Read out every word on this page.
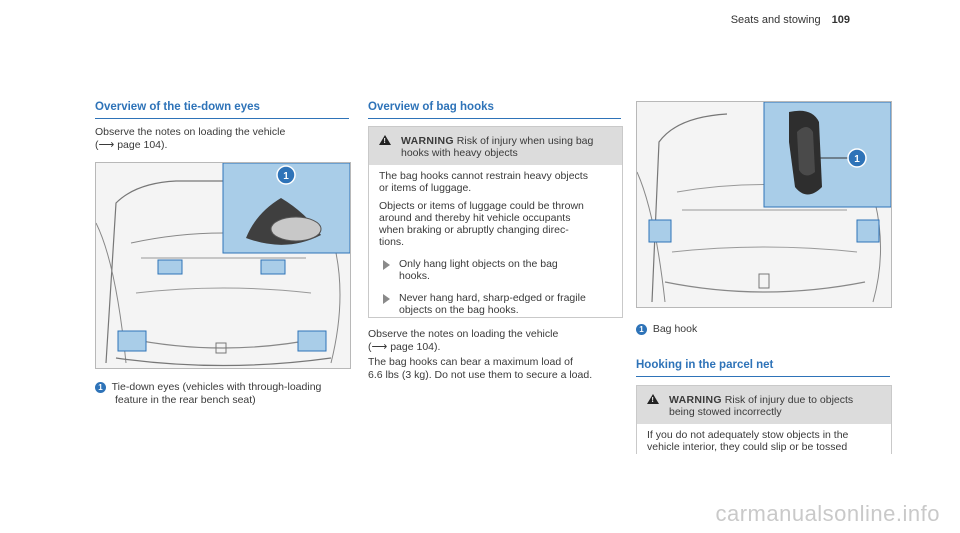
Seats and stowing 109
Overview of the tie-down eyes

Observe the notes on loading the vehicle

(⟶ page 104).

1

1 Tie-down eyes (vehicles with through-loading

feature in the rear bench seat)

Overview of bag hooks
!
WARNING Risk of injury when using bag
hooks with heavy objects
The bag hooks cannot restrain heavy objects
or items of luggage.
Objects or items of luggage could be thrown
around and thereby hit vehicle occupants
when braking or abruptly changing direc-
tions.
Only hang light objects on the bag
hooks.
Never hang hard, sharp-edged or fragile
objects on the bag hooks.

Observe the notes on loading the vehicle

(⟶ page 104).

The bag hooks can bear a maximum load of

6.6 lbs (3 kg). Do not use them to secure a load.

1

1 Bag hook

Hooking in the parcel net
!
WARNING Risk of injury due to objects
being stowed incorrectly
If you do not adequately stow objects in the
vehicle interior, they could slip or be tossed
carmanualsonline.info
